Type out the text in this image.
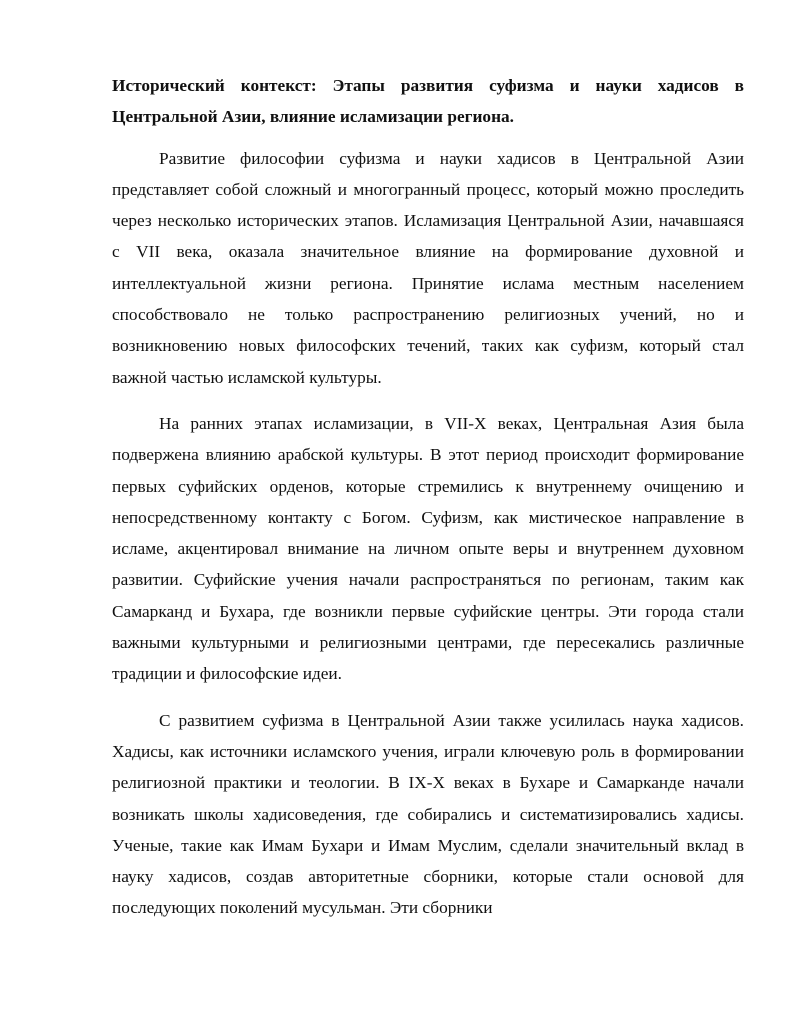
Исторический контекст: Этапы развития суфизма и науки хадисов в Центральной Азии, влияние исламизации региона.

Развитие философии суфизма и науки хадисов в Центральной Азии представляет собой сложный и многогранный процесс, который можно проследить через несколько исторических этапов. Исламизация Центральной Азии, начавшаяся с VII века, оказала значительное влияние на формирование духовной и интеллектуальной жизни региона. Принятие ислама местным населением способствовало не только распространению религиозных учений, но и возникновению новых философских течений, таких как суфизм, который стал важной частью исламской культуры.

На ранних этапах исламизации, в VII-X веках, Центральная Азия была подвержена влиянию арабской культуры. В этот период происходит формирование первых суфийских орденов, которые стремились к внутреннему очищению и непосредственному контакту с Богом. Суфизм, как мистическое направление в исламе, акцентировал внимание на личном опыте веры и внутреннем духовном развитии. Суфийские учения начали распространяться по регионам, таким как Самарканд и Бухара, где возникли первые суфийские центры. Эти города стали важными культурными и религиозными центрами, где пересекались различные традиции и философские идеи.

С развитием суфизма в Центральной Азии также усилилась наука хадисов. Хадисы, как источники исламского учения, играли ключевую роль в формировании религиозной практики и теологии. В IX-X веках в Бухаре и Самарканде начали возникать школы хадисоведения, где собирались и систематизировались хадисы. Ученые, такие как Имам Бухари и Имам Муслим, сделали значительный вклад в науку хадисов, создав авторитетные сборники, которые стали основой для последующих поколений мусульман. Эти сборники
